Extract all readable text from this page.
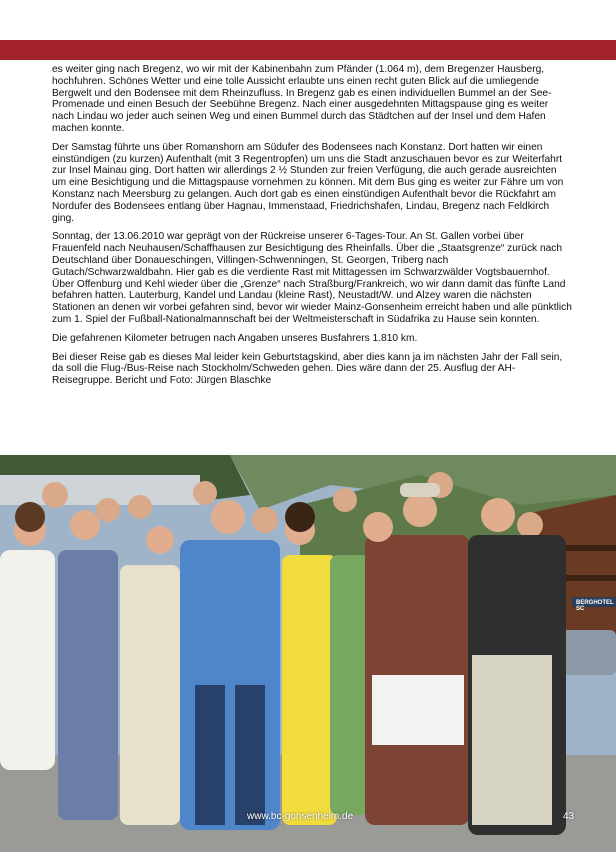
es weiter ging nach Bregenz, wo wir mit der Kabinenbahn zum Pfänder (1.064 m), dem Bregenzer Hausberg, hochfuhren. Schönes Wetter und eine tolle Aussicht erlaubte uns einen recht guten Blick auf die umliegende Bergwelt und den Bodensee mit dem Rheinzufluss. In Bregenz gab es einen individuellen Bummel an der See-Promenade und einen Besuch der Seebühne Bregenz. Nach einer ausgedehnten Mittagspause ging es weiter nach Lindau wo jeder auch seinen Weg und einen Bummel durch das Städtchen auf der Insel und dem Hafen machen konnte.

Der Samstag führte uns über Romanshorn am Südufer des Bodensees nach Konstanz. Dort hatten wir einen einstündigen (zu kurzen) Aufenthalt (mit 3 Regentropfen) um uns die Stadt anzuschauen bevor es zur Weiterfahrt zur Insel Mainau ging. Dort hatten wir allerdings 2 ½ Stunden zur freien Verfügung, die auch gerade ausreichten um eine Besichtigung und die Mittagspause vornehmen zu können. Mit dem Bus ging es weiter zur Fähre um von Konstanz nach Meersburg zu gelangen. Auch dort gab es einen einstündigen Aufenthalt bevor die Rückfahrt am Nordufer des Bodensees entlang über Hagnau, Immenstaad, Friedrichshafen, Lindau, Bregenz nach Feldkirch ging.

Sonntag, der 13.06.2010 war geprägt von der Rückreise unserer 6-Tages-Tour. An St. Gallen vorbei über Frauenfeld nach Neuhausen/Schaffhausen zur Besichtigung des Rheinfalls. Über die „Staatsgrenze“ zurück nach Deutschland über Donaueschingen, Villingen-Schwenningen, St. Georgen, Triberg nach Gutach/Schwarzwaldbahn. Hier gab es die verdiente Rast mit Mittagessen im Schwarzwälder Vogtsbauernhof. Über Offenburg und Kehl wieder über die „Grenze“ nach Straßburg/Frankreich, wo wir dann damit das fünfte Land befahren hatten. Lauterburg, Kandel und Landau (kleine Rast), Neustadt/W. und Alzey waren die nächsten Stationen an denen wir vorbei gefahren sind, bevor wir wieder Mainz-Gonsenheim erreicht haben und alle pünktlich zum 1. Spiel der Fußball-Nationalmannschaft bei der Weltmeisterschaft in Südafrika zu Hause sein konnten.

Die gefahrenen Kilometer betrugen nach Angaben unseres Busfahrers 1.810 km.

Bei dieser Reise gab es dieses Mal leider kein Geburtstagskind, aber dies kann ja im nächsten Jahr der Fall sein, da soll die Flug-/Bus-Reise nach Stockholm/Schweden gehen. Dies wäre dann der 25. Ausflug der AH-Reisegruppe. Bericht und Foto: Jürgen Blaschke

BERGHOTEL SC
www.bc-gonsenheim.de	43
